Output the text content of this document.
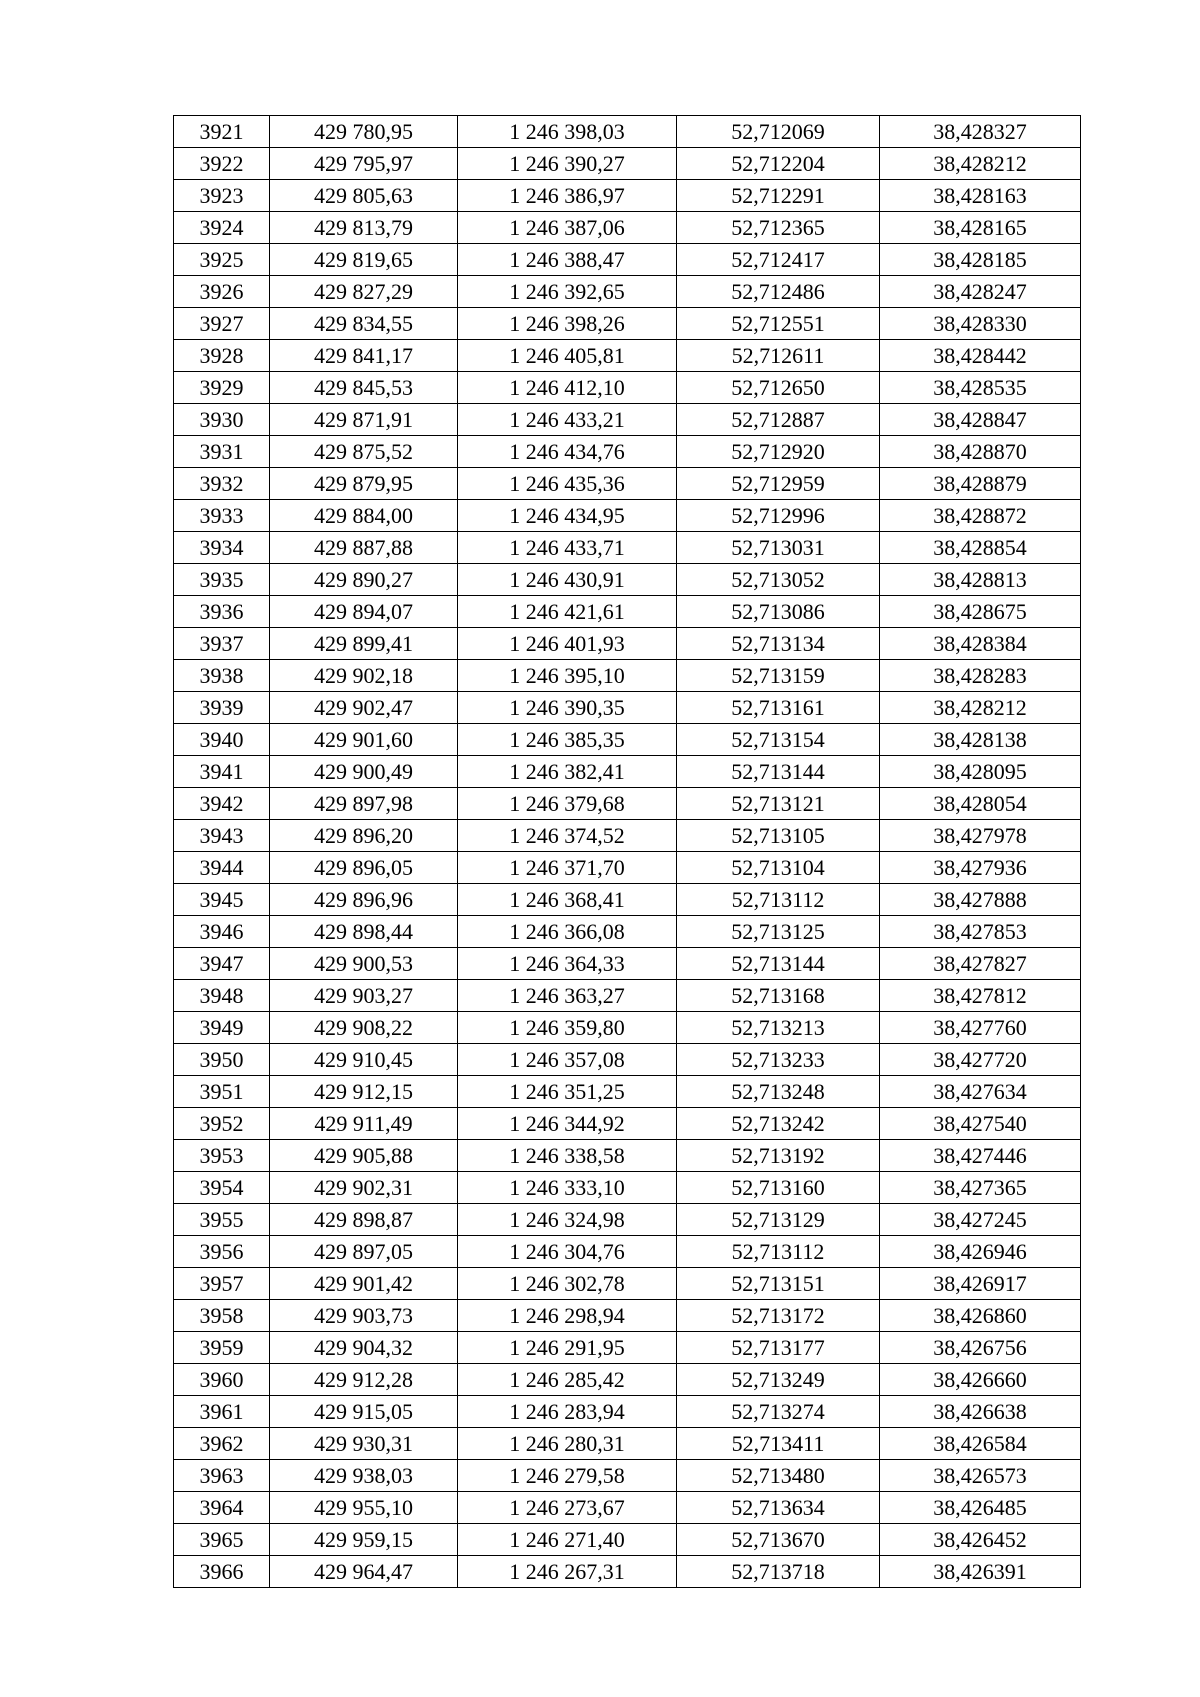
3921	429 780,95	1 246 398,03	52,712069	38,428327
3922	429 795,97	1 246 390,27	52,712204	38,428212
3923	429 805,63	1 246 386,97	52,712291	38,428163
3924	429 813,79	1 246 387,06	52,712365	38,428165
3925	429 819,65	1 246 388,47	52,712417	38,428185
3926	429 827,29	1 246 392,65	52,712486	38,428247
3927	429 834,55	1 246 398,26	52,712551	38,428330
3928	429 841,17	1 246 405,81	52,712611	38,428442
3929	429 845,53	1 246 412,10	52,712650	38,428535
3930	429 871,91	1 246 433,21	52,712887	38,428847
3931	429 875,52	1 246 434,76	52,712920	38,428870
3932	429 879,95	1 246 435,36	52,712959	38,428879
3933	429 884,00	1 246 434,95	52,712996	38,428872
3934	429 887,88	1 246 433,71	52,713031	38,428854
3935	429 890,27	1 246 430,91	52,713052	38,428813
3936	429 894,07	1 246 421,61	52,713086	38,428675
3937	429 899,41	1 246 401,93	52,713134	38,428384
3938	429 902,18	1 246 395,10	52,713159	38,428283
3939	429 902,47	1 246 390,35	52,713161	38,428212
3940	429 901,60	1 246 385,35	52,713154	38,428138
3941	429 900,49	1 246 382,41	52,713144	38,428095
3942	429 897,98	1 246 379,68	52,713121	38,428054
3943	429 896,20	1 246 374,52	52,713105	38,427978
3944	429 896,05	1 246 371,70	52,713104	38,427936
3945	429 896,96	1 246 368,41	52,713112	38,427888
3946	429 898,44	1 246 366,08	52,713125	38,427853
3947	429 900,53	1 246 364,33	52,713144	38,427827
3948	429 903,27	1 246 363,27	52,713168	38,427812
3949	429 908,22	1 246 359,80	52,713213	38,427760
3950	429 910,45	1 246 357,08	52,713233	38,427720
3951	429 912,15	1 246 351,25	52,713248	38,427634
3952	429 911,49	1 246 344,92	52,713242	38,427540
3953	429 905,88	1 246 338,58	52,713192	38,427446
3954	429 902,31	1 246 333,10	52,713160	38,427365
3955	429 898,87	1 246 324,98	52,713129	38,427245
3956	429 897,05	1 246 304,76	52,713112	38,426946
3957	429 901,42	1 246 302,78	52,713151	38,426917
3958	429 903,73	1 246 298,94	52,713172	38,426860
3959	429 904,32	1 246 291,95	52,713177	38,426756
3960	429 912,28	1 246 285,42	52,713249	38,426660
3961	429 915,05	1 246 283,94	52,713274	38,426638
3962	429 930,31	1 246 280,31	52,713411	38,426584
3963	429 938,03	1 246 279,58	52,713480	38,426573
3964	429 955,10	1 246 273,67	52,713634	38,426485
3965	429 959,15	1 246 271,40	52,713670	38,426452
3966	429 964,47	1 246 267,31	52,713718	38,426391
